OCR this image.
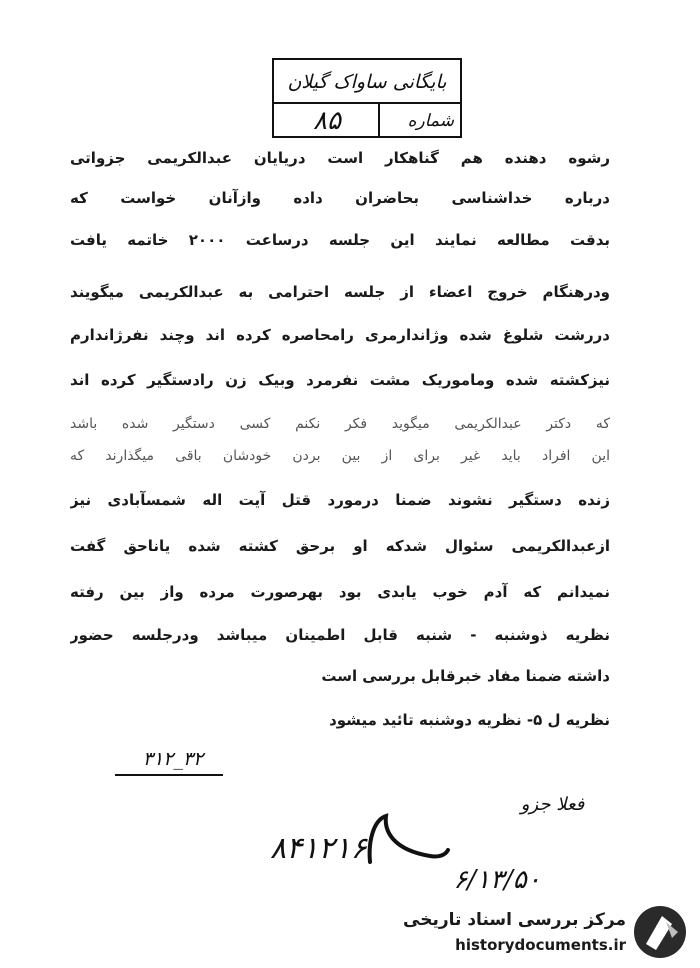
بایگانی ساواک گیلان
شماره
۸۵
رشوه دهنده هم گناهکار است دریایان عبدالکریمی جزواتی
درباره خداشناسی بحاضران داده وازآنان خواست که
بدقت مطالعه نمایند این جلسه درساعت ۲۰۰۰ خاتمه یافت
ودرهنگام خروج اعضاء از جلسه احترامی به عبدالکریمی میگویند
دررشت شلوغ شده وژاندارمری رامحاصره کرده اند وچند نفرژاندارم
نیزکشته شده وماموریک مشت نفرمرد وبیک زن رادستگیر کرده اند
که دکتر عبدالکریمی میگوید فکر نکنم کسی دستگیر شده باشد
این افراد باید غیر برای از بین بردن خودشان باقی میگذارند که
زنده دستگیر نشوند ضمنا درمورد قتل آیت اله شمسآبادی نیز
ازعبدالکریمی سئوال شدکه او برحق کشته شده یاناحق گفت
نمیدانم که آدم خوب یابدی بود بهرصورت مرده واز بین رفته
نظریه ذوشنبه - شنبه قابل اطمینان میباشد ودرجلسه حضور
داشته ضمنا مفاد خبرقابل بررسی است
نظریه ل ۵- نظریه دوشنبه تائید میشود
۳۱۲_۳۲
فعلا جزو
۸۴۱۲۱۶
۶/۱۳/۵۰
مرکز بررسی اسناد تاریخی
historydocuments.ir
